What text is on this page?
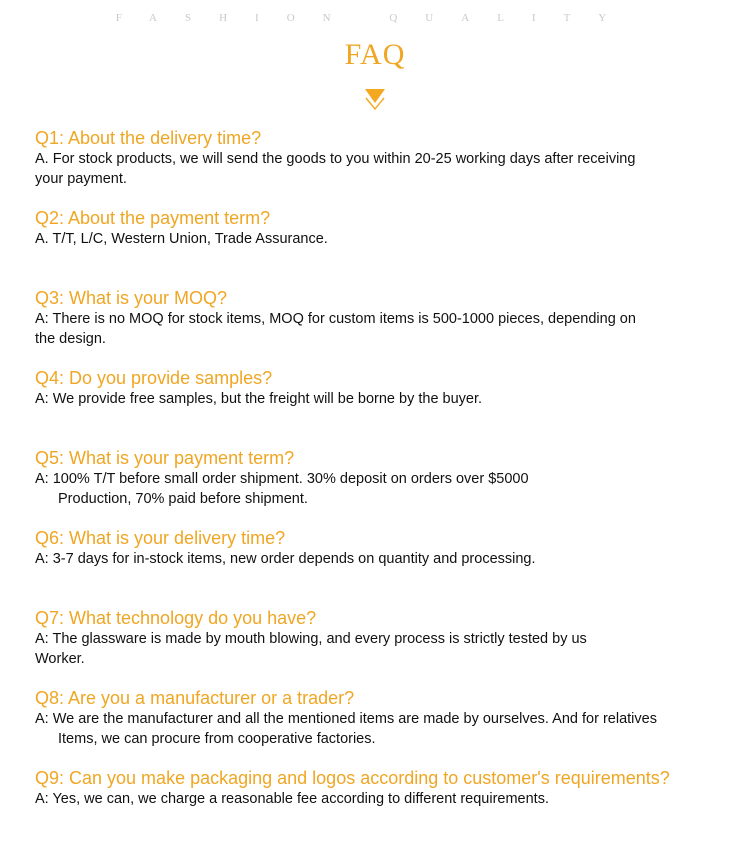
FASHION QUALITY
FAQ
Q1: About the delivery time?
A. For stock products, we will send the goods to you within 20-25 working days after receiving
your payment.
Q2: About the payment term?
A. T/T, L/C, Western Union, Trade Assurance.
Q3: What is your MOQ?
A: There is no MOQ for stock items, MOQ for custom items is 500-1000 pieces, depending on
the design.
Q4: Do you provide samples?
A: We provide free samples, but the freight will be borne by the buyer.
Q5: What is your payment term?
A: 100% T/T before small order shipment. 30% deposit on orders over $5000
Production, 70% paid before shipment.
Q6: What is your delivery time?
A: 3-7 days for in-stock items, new order depends on quantity and processing.
Q7: What technology do you have?
A: The glassware is made by mouth blowing, and every process is strictly tested by us
Worker.
Q8: Are you a manufacturer or a trader?
A: We are the manufacturer and all the mentioned items are made by ourselves. And for relatives
Items, we can procure from cooperative factories.
Q9: Can you make packaging and logos according to customer's requirements?
A: Yes, we can, we charge a reasonable fee according to different requirements.
